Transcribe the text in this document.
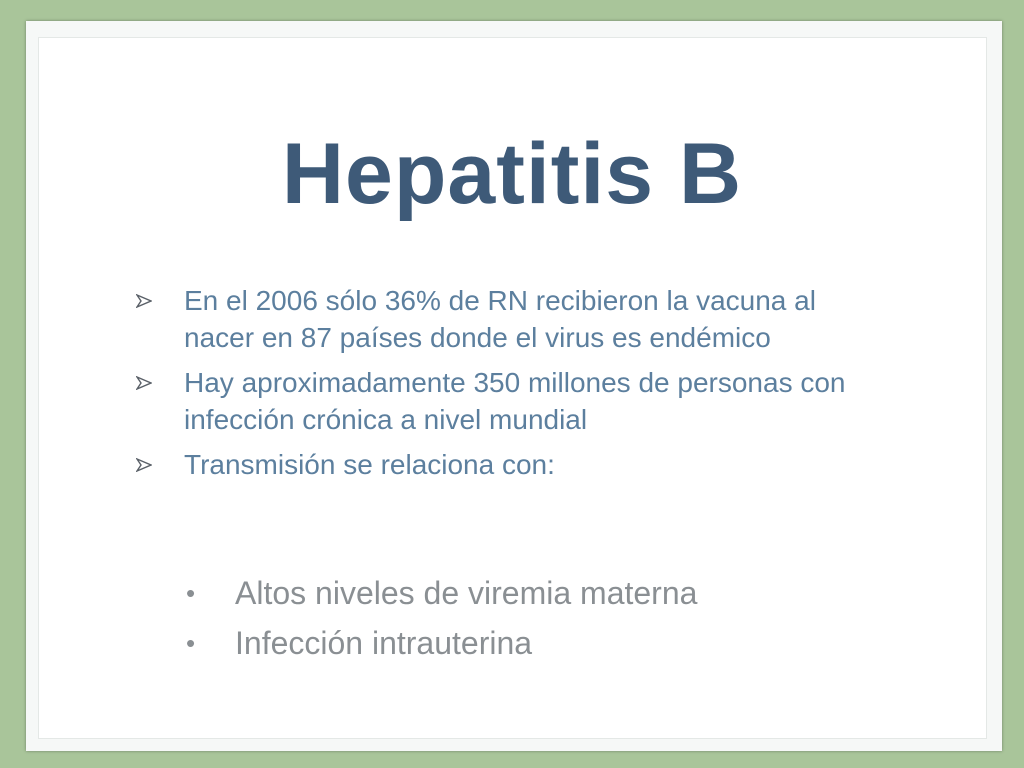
Hepatitis B
En el 2006 sólo 36% de RN recibieron la vacuna al nacer en 87 países donde el virus es endémico
Hay aproximadamente 350 millones de personas con infección crónica a nivel mundial
Transmisión se relaciona con:
• Altos niveles de viremia materna
• Infección intrauterina
